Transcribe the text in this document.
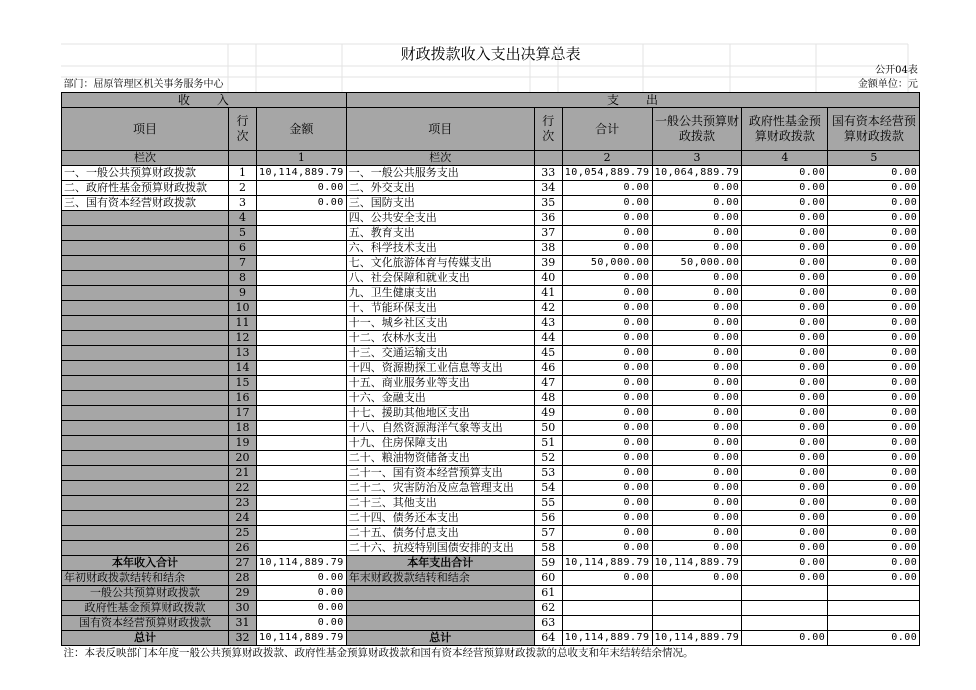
财政拨款收入支出决算总表								
								公开04表
部门：屈原管理区机关事务服务中心								金额单位：元
收　　入			支　　出					
项目	行次	金额	项目	行次	合计	一般公共预算财政拨款	政府性基金预算财政拨款	国有资本经营预算财政拨款
栏次		1	栏次		2	3	4	5
一、一般公共预算财政拨款	1	10,114,889.79	一、一般公共服务支出	33	10,054,889.79	10,064,889.79	0.00	0.00
二、政府性基金预算财政拨款	2	0.00	二、外交支出	34	0.00	0.00	0.00	0.00
三、国有资本经营财政拨款	3	0.00	三、国防支出	35	0.00	0.00	0.00	0.00
	4		四、公共安全支出	36	0.00	0.00	0.00	0.00
	5		五、教育支出	37	0.00	0.00	0.00	0.00
	6		六、科学技术支出	38	0.00	0.00	0.00	0.00
	7		七、文化旅游体育与传媒支出	39	50,000.00	50,000.00	0.00	0.00
	8		八、社会保障和就业支出	40	0.00	0.00	0.00	0.00
	9		九、卫生健康支出	41	0.00	0.00	0.00	0.00
	10		十、节能环保支出	42	0.00	0.00	0.00	0.00
	11		十一、城乡社区支出	43	0.00	0.00	0.00	0.00
	12		十二、农林水支出	44	0.00	0.00	0.00	0.00
	13		十三、交通运输支出	45	0.00	0.00	0.00	0.00
	14		十四、资源勘探工业信息等支出	46	0.00	0.00	0.00	0.00
	15		十五、商业服务业等支出	47	0.00	0.00	0.00	0.00
	16		十六、金融支出	48	0.00	0.00	0.00	0.00
	17		十七、援助其他地区支出	49	0.00	0.00	0.00	0.00
	18		十八、自然资源海洋气象等支出	50	0.00	0.00	0.00	0.00
	19		十九、住房保障支出	51	0.00	0.00	0.00	0.00
	20		二十、粮油物资储备支出	52	0.00	0.00	0.00	0.00
	21		二十一、国有资本经营预算支出	53	0.00	0.00	0.00	0.00
	22		二十二、灾害防治及应急管理支出	54	0.00	0.00	0.00	0.00
	23		二十三、其他支出	55	0.00	0.00	0.00	0.00
	24		二十四、债务还本支出	56	0.00	0.00	0.00	0.00
	25		二十五、债务付息支出	57	0.00	0.00	0.00	0.00
	26		二十六、抗疫特别国债安排的支出	58	0.00	0.00	0.00	0.00
本年收入合计	27	10,114,889.79	本年支出合计	59	10,114,889.79	10,114,889.79	0.00	0.00
年初财政拨款结转和结余	28	0.00	年末财政拨款结转和结余	60	0.00	0.00	0.00	0.00
一般公共预算财政拨款	29	0.00		61				
政府性基金预算财政拨款	30	0.00		62				
国有资本经营预算财政拨款	31	0.00		63				
总计	32	10,114,889.79	总计	64	10,114,889.79	10,114,889.79	0.00	0.00
注：本表反映部门本年度一般公共预算财政拨款、政府性基金预算财政拨款和国有资本经营预算财政拨款的总收支和年末结转结余情况。								
